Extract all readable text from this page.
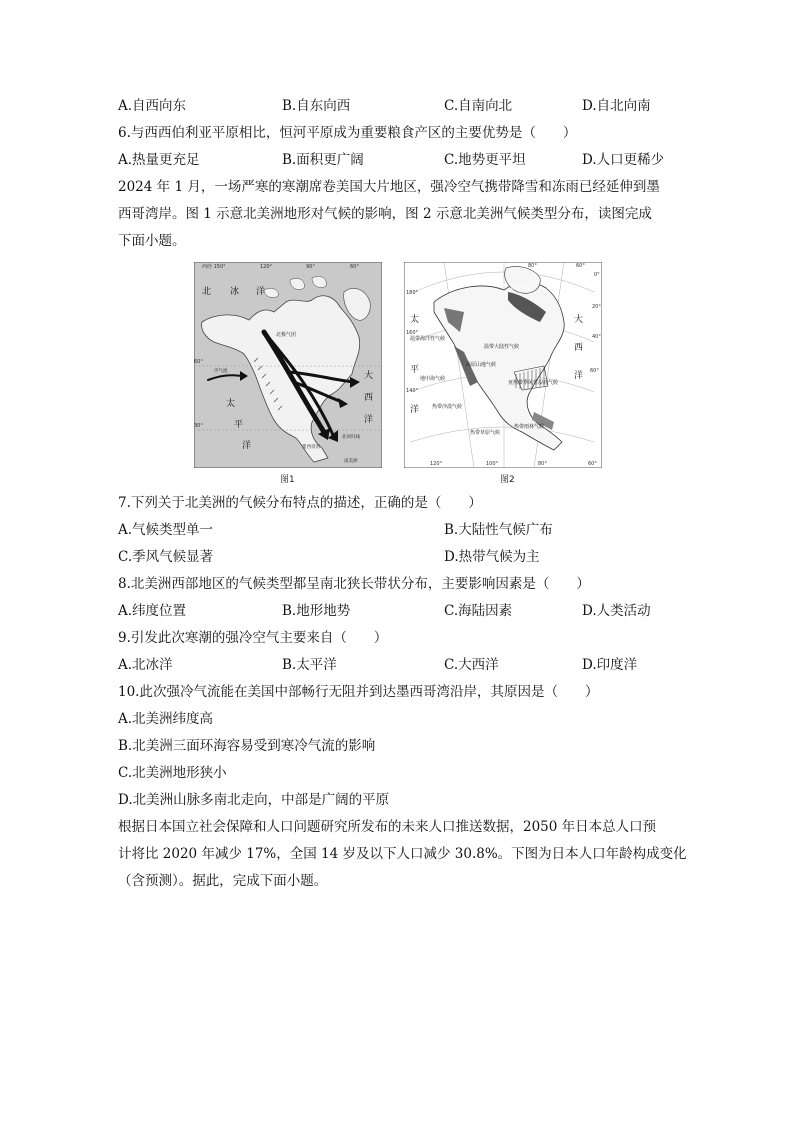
A.自西向东	B.自东向西	C.自南向北	D.自北向南
6.与西西伯利亚平原相比，恒河平原成为重要粮食产区的主要优势是（　　）
A.热量更充足	B.面积更广阔	C.地势更平坦	D.人口更稀少
2024 年 1 月，一场严寒的寒潮席卷美国大片地区，强冷空气携带降雪和冻雨已经延伸到墨
西哥湾岸。图 1 示意北美洲地形对气候的影响，图 2 示意北美洲气候类型分布，读图完成
下面小题。
西经 150°	120°	90°	60°
60°
30°
北 冰 洋
太
平
洋
大
西
洋
北极气团
冷气流
墨西哥湾
南美洲
北回归线
图1
80°	60°
0°
20°
40°
60°
180°
160°
140°
120°	100°	80°	60°
太
平
洋
大
西
洋
苔原气候
温带海洋性气候
温带大陆性气候
高原山地气候
地中海气候
亚热带季风性湿润气候
热带沙漠气候
热带草原气候
热带雨林气候
图2
7.下列关于北美洲的气候分布特点的描述，正确的是（　　）
A.气候类型单一	B.大陆性气候广布
C.季风气候显著	D.热带气候为主
8.北美洲西部地区的气候类型都呈南北狭长带状分布，主要影响因素是（　　）
A.纬度位置	B.地形地势	C.海陆因素	D.人类活动
9.引发此次寒潮的强冷空气主要来自（　　）
A.北冰洋	B.太平洋	C.大西洋	D.印度洋
10.此次强冷气流能在美国中部畅行无阻并到达墨西哥湾沿岸，其原因是（　　）
A.北美洲纬度高
B.北美洲三面环海容易受到寒冷气流的影响
C.北美洲地形狭小
D.北美洲山脉多南北走向，中部是广阔的平原
根据日本国立社会保障和人口问题研究所发布的未来人口推送数据，2050 年日本总人口预
计将比 2020 年减少 17%，全国 14 岁及以下人口减少 30.8%。下图为日本人口年龄构成变化
（含预测）。据此，完成下面小题。
